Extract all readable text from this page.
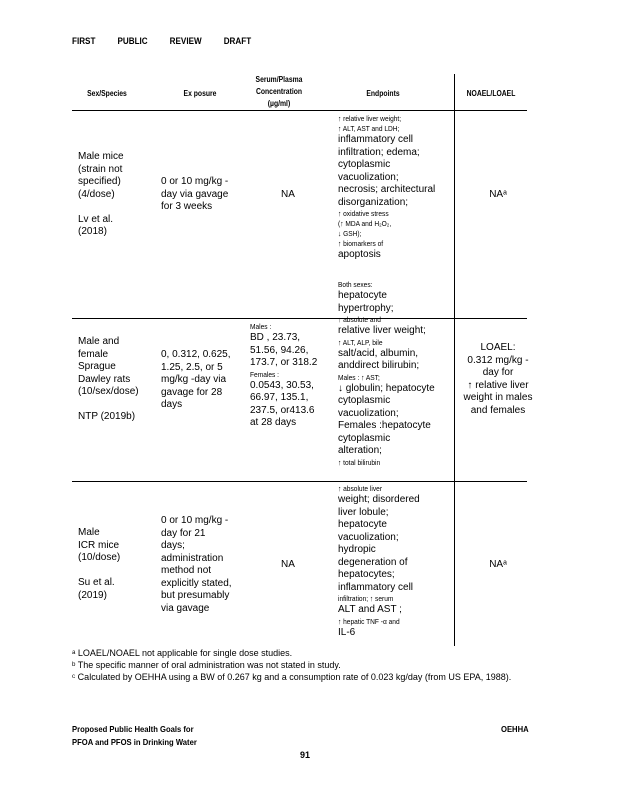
FIRST PUBLIC REVIEW DRAFT
Sex/Species	Ex posure
Serum/Plasma Concentration (µg/ml)
Endpoints	NOAEL/LOAEL
Male mice
(strain not
specified)
(4/dose)

Lv et al.
(2018)
0 or 10 mg/kg -
day via gavage
for 3 weeks
NA
↑ relative liver weight;
↑ ALT, AST and LDH;
inflammatory cell
infiltration; edema;
cytoplasmic
vacuolization;
necrosis; architectural
disorganization;
↑ oxidative stress
(↑ MDA and H₂O₂,
↓ GSH);
↑ biomarkers of
apoptosis
NAᵃ
Male and
female
Sprague
Dawley rats
(10/sex/dose)

NTP (2019b)
0, 0.312, 0.625,
1.25, 2.5, or 5
mg/kg -day via
gavage for 28
days
Males :
BD , 23.73,
51.56, 94.26,
173.7, or 318.2
Females :
0.0543, 30.53,
66.97, 135.1,
237.5, or413.6
at 28 days
Both sexes:
hepatocyte
hypertrophy;
↑ absolute and
relative liver weight;
↑ ALT, ALP, bile
salt/acid, albumin,
anddirect bilirubin;
Males : ↑ AST;
↓ globulin; hepatocyte
cytoplasmic
vacuolization;
Females :hepatocyte
cytoplasmic
alteration;
↑ total bilirubin
LOAEL:
0.312 mg/kg -
day for
↑ relative liver
weight in males
and females
Male
ICR mice
(10/dose)

Su et al.
(2019)
0 or 10 mg/kg -
day for 21
days;
administration
method not
explicitly stated,
but presumably
via gavage
NA
↑ absolute liver
weight; disordered
liver lobule;
hepatocyte
vacuolization;
hydropic
degeneration of
hepatocytes;
inflammatory cell
infiltration; ↑ serum
ALT and AST ;
↑ hepatic TNF -α and
IL-6
NAᵃ
ᵃ LOAEL/NOAEL not applicable for single dose studies.
ᵇ The specific manner of oral administration was not stated in study.
ᶜ Calculated by OEHHA using a BW of 0.267 kg and a consumption rate of 0.023 kg/day (from US EPA, 1988).
Proposed Public Health Goals for
PFOA and PFOS in Drinking Water
OEHHA
91
